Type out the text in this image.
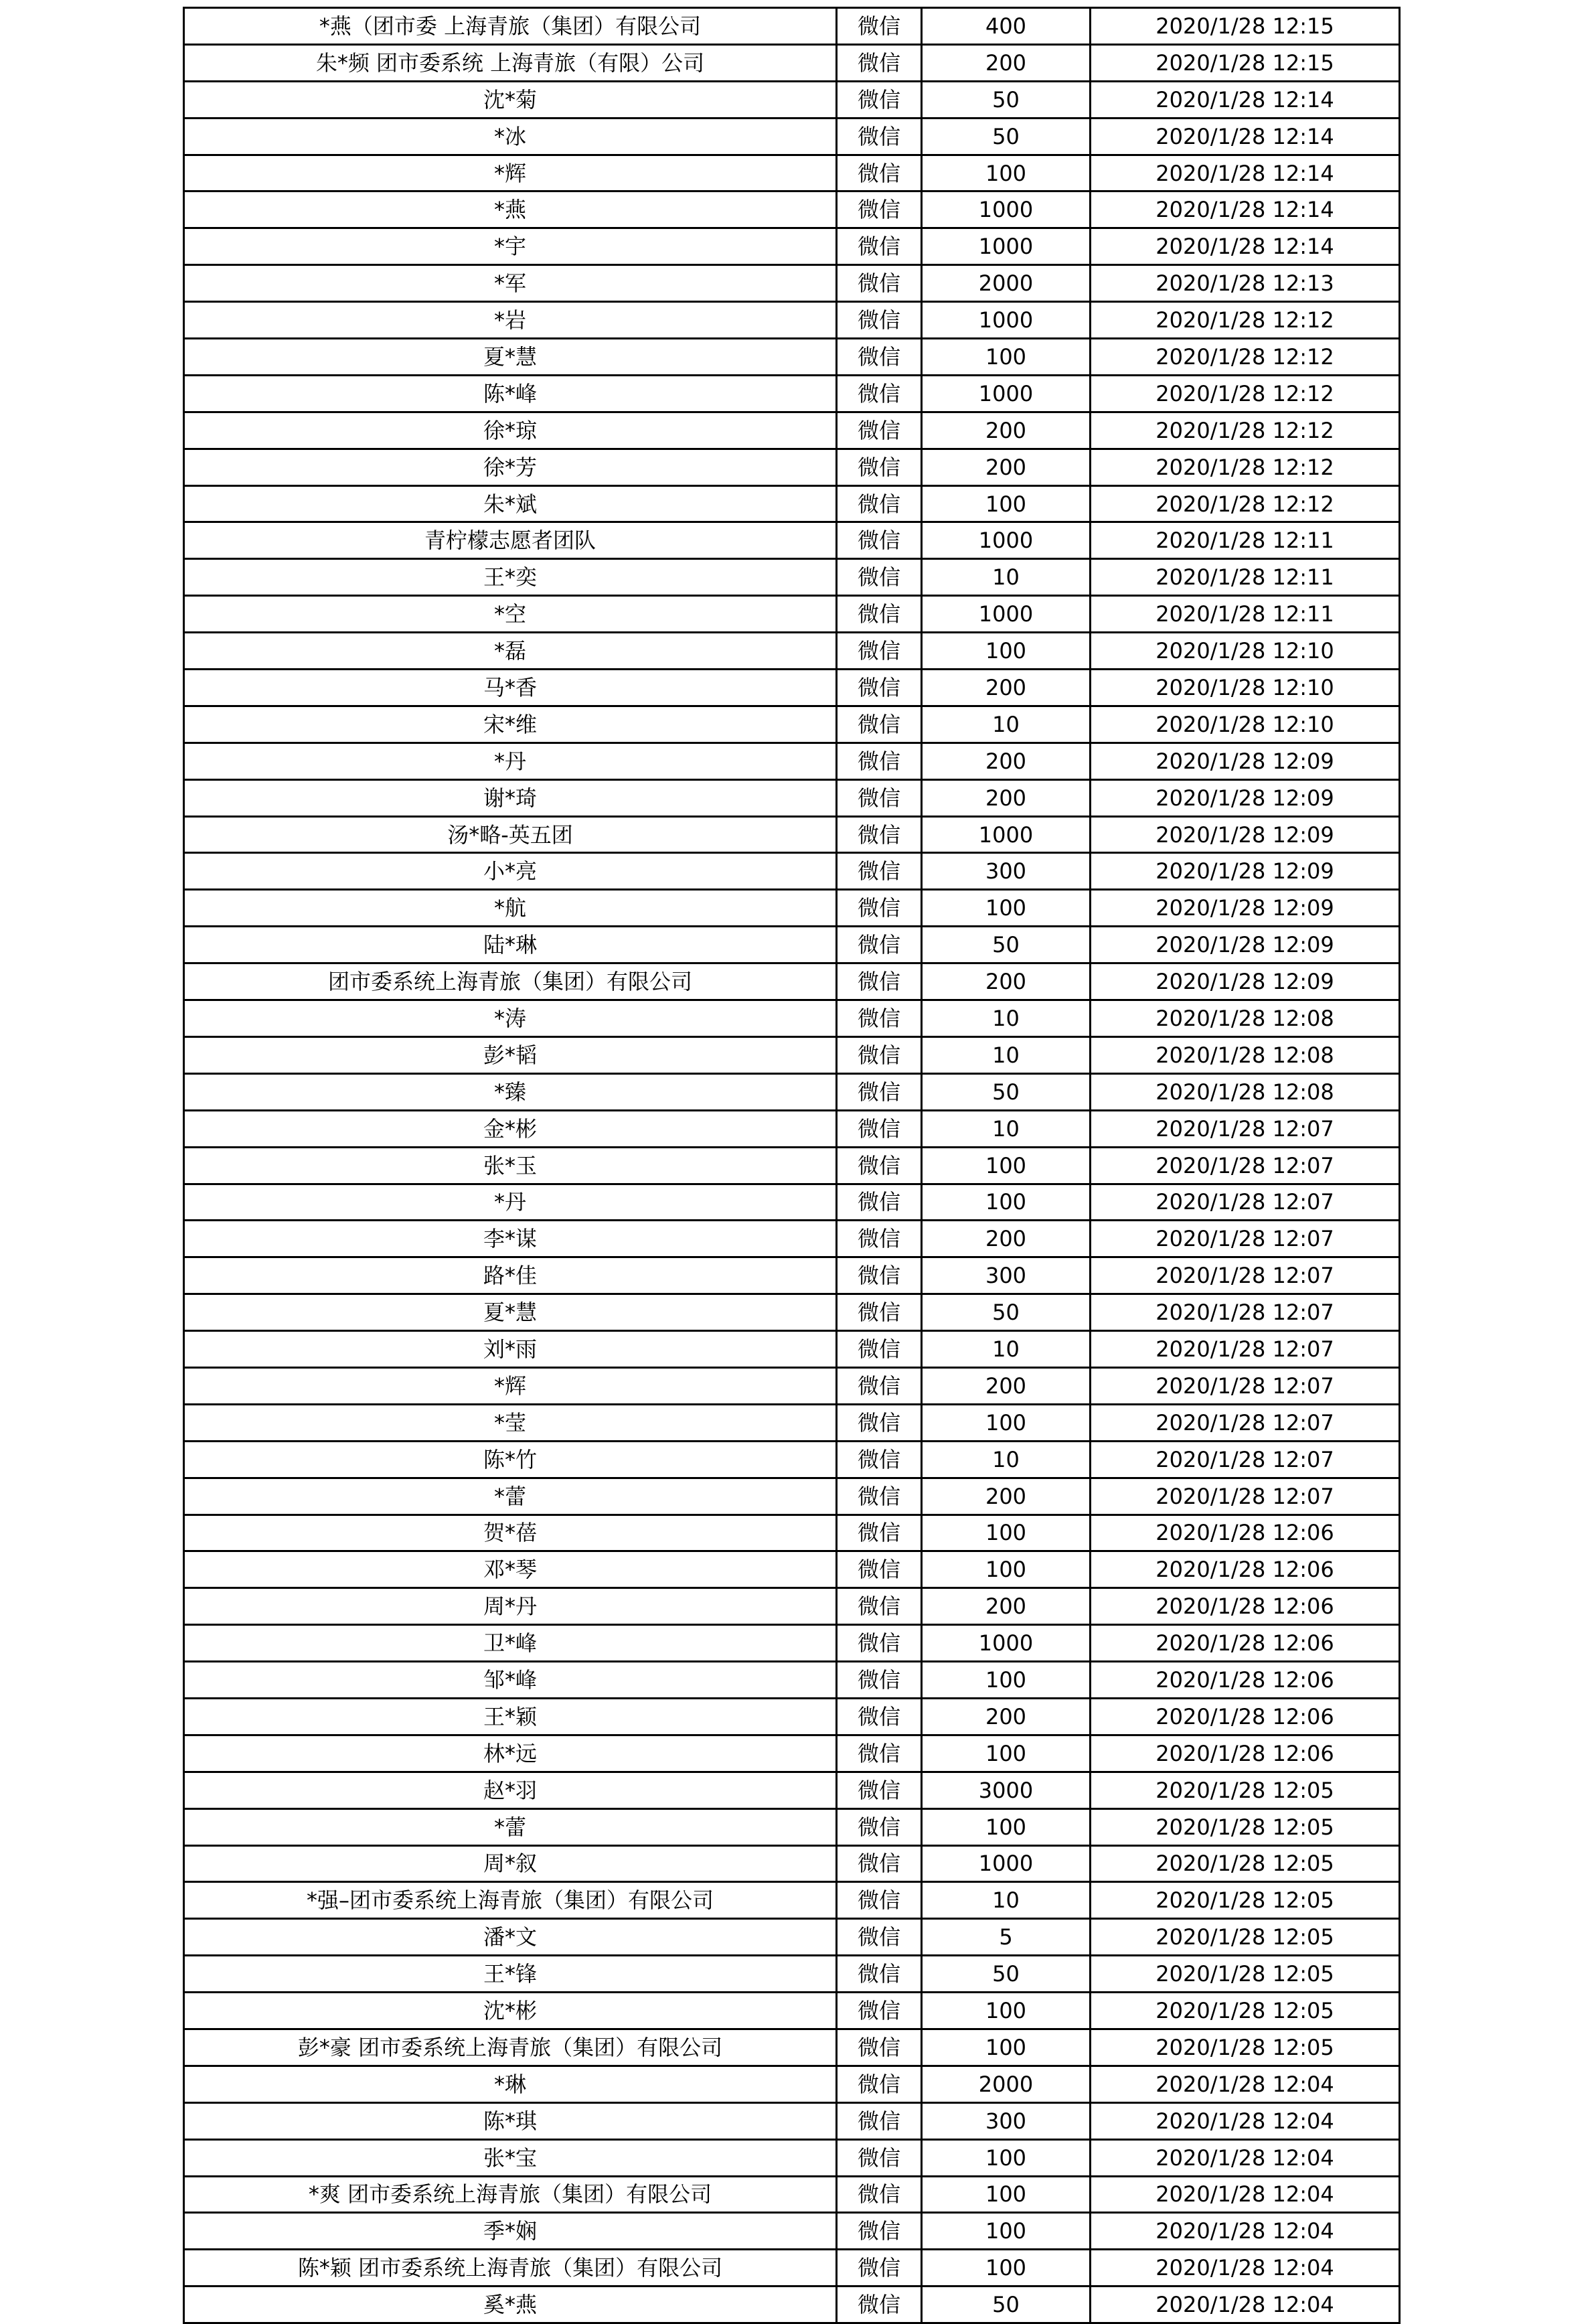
*燕（团市委 上海青旅（集团）有限公司	微信	400	2020/1/28 12:15
朱*频 团市委系统 上海青旅（有限）公司	微信	200	2020/1/28 12:15
沈*菊	微信	50	2020/1/28 12:14
*冰	微信	50	2020/1/28 12:14
*辉	微信	100	2020/1/28 12:14
*燕	微信	1000	2020/1/28 12:14
*宇	微信	1000	2020/1/28 12:14
*军	微信	2000	2020/1/28 12:13
*岩	微信	1000	2020/1/28 12:12
夏*慧	微信	100	2020/1/28 12:12
陈*峰	微信	1000	2020/1/28 12:12
徐*琼	微信	200	2020/1/28 12:12
徐*芳	微信	200	2020/1/28 12:12
朱*斌	微信	100	2020/1/28 12:12
青柠檬志愿者团队	微信	1000	2020/1/28 12:11
王*奕	微信	10	2020/1/28 12:11
*空	微信	1000	2020/1/28 12:11
*磊	微信	100	2020/1/28 12:10
马*香	微信	200	2020/1/28 12:10
宋*维	微信	10	2020/1/28 12:10
*丹	微信	200	2020/1/28 12:09
谢*琦	微信	200	2020/1/28 12:09
汤*略-英五团	微信	1000	2020/1/28 12:09
小*亮	微信	300	2020/1/28 12:09
*航	微信	100	2020/1/28 12:09
陆*琳	微信	50	2020/1/28 12:09
团市委系统上海青旅（集团）有限公司	微信	200	2020/1/28 12:09
*涛	微信	10	2020/1/28 12:08
彭*韬	微信	10	2020/1/28 12:08
*臻	微信	50	2020/1/28 12:08
金*彬	微信	10	2020/1/28 12:07
张*玉	微信	100	2020/1/28 12:07
*丹	微信	100	2020/1/28 12:07
李*谋	微信	200	2020/1/28 12:07
路*佳	微信	300	2020/1/28 12:07
夏*慧	微信	50	2020/1/28 12:07
刘*雨	微信	10	2020/1/28 12:07
*辉	微信	200	2020/1/28 12:07
*莹	微信	100	2020/1/28 12:07
陈*竹	微信	10	2020/1/28 12:07
*蕾	微信	200	2020/1/28 12:07
贺*蓓	微信	100	2020/1/28 12:06
邓*琴	微信	100	2020/1/28 12:06
周*丹	微信	200	2020/1/28 12:06
卫*峰	微信	1000	2020/1/28 12:06
邹*峰	微信	100	2020/1/28 12:06
王*颖	微信	200	2020/1/28 12:06
林*远	微信	100	2020/1/28 12:06
赵*羽	微信	3000	2020/1/28 12:05
*蕾	微信	100	2020/1/28 12:05
周*叙	微信	1000	2020/1/28 12:05
*强–团市委系统上海青旅（集团）有限公司	微信	10	2020/1/28 12:05
潘*文	微信	5	2020/1/28 12:05
王*锋	微信	50	2020/1/28 12:05
沈*彬	微信	100	2020/1/28 12:05
彭*豪 团市委系统上海青旅（集团）有限公司	微信	100	2020/1/28 12:05
*琳	微信	2000	2020/1/28 12:04
陈*琪	微信	300	2020/1/28 12:04
张*宝	微信	100	2020/1/28 12:04
*爽 团市委系统上海青旅（集团）有限公司	微信	100	2020/1/28 12:04
季*娴	微信	100	2020/1/28 12:04
陈*颖 团市委系统上海青旅（集团）有限公司	微信	100	2020/1/28 12:04
奚*燕	微信	50	2020/1/28 12:04
